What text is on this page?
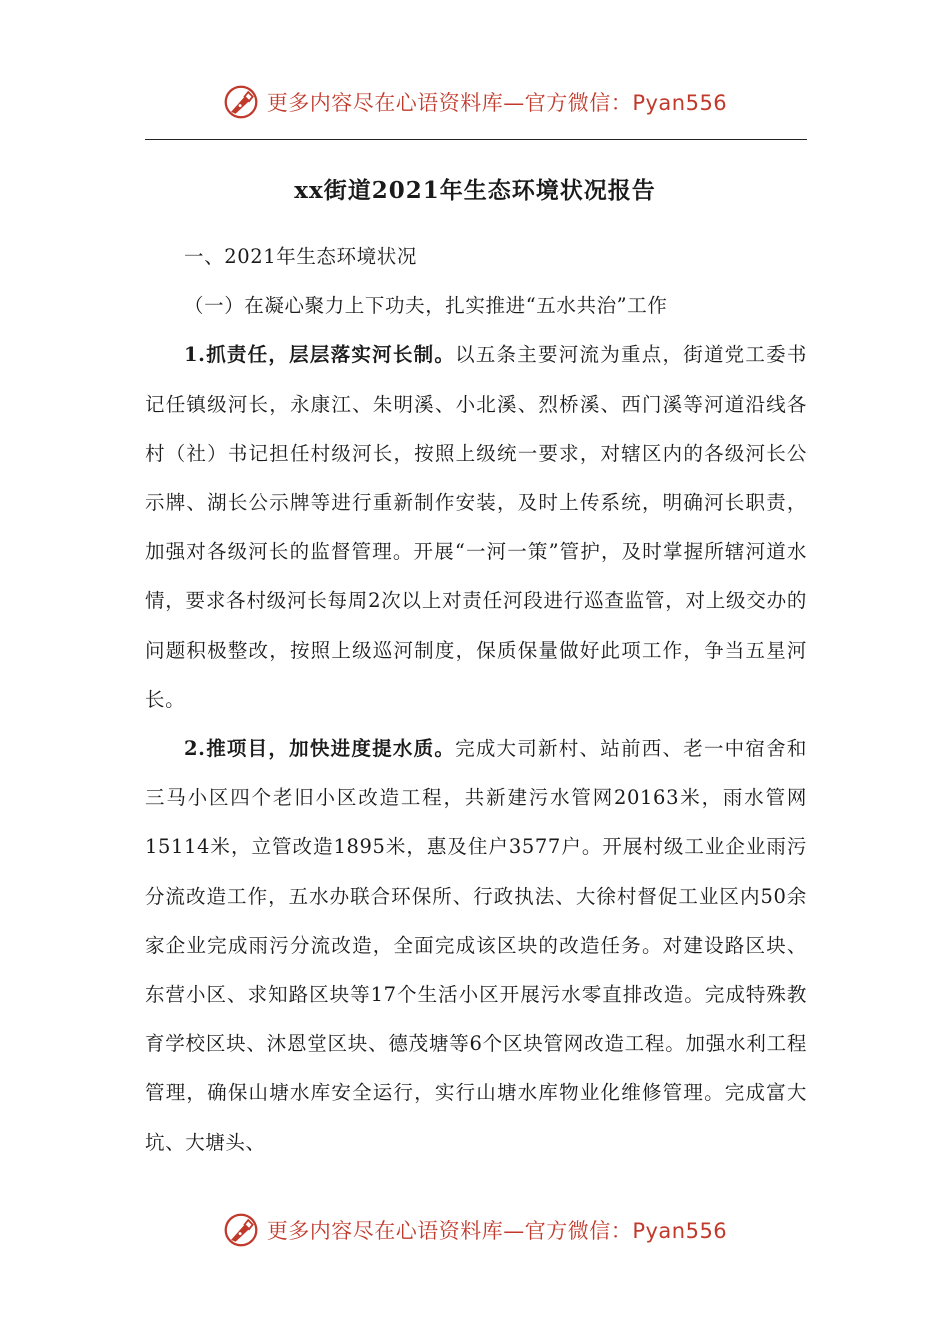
更多内容尽在心语资料库—官方微信：Pyan556
xx街道2021年生态环境状况报告

一、2021年生态环境状况

（一）在凝心聚力上下功夫，扎实推进“五水共治”工作

1.抓责任，层层落实河长制。以五条主要河流为重点，街道党工委书记任镇级河长，永康江、朱明溪、小北溪、烈桥溪、西门溪等河道沿线各村（社）书记担任村级河长，按照上级统一要求，对辖区内的各级河长公示牌、湖长公示牌等进行重新制作安装，及时上传系统，明确河长职责，加强对各级河长的监督管理。开展“一河一策”管护，及时掌握所辖河道水情，要求各村级河长每周2次以上对责任河段进行巡查监管，对上级交办的问题积极整改，按照上级巡河制度，保质保量做好此项工作，争当五星河长。

2.推项目，加快进度提水质。完成大司新村、站前西、老一中宿舍和三马小区四个老旧小区改造工程，共新建污水管网20163米，雨水管网15114米，立管改造1895米，惠及住户3577户。开展村级工业企业雨污分流改造工作，五水办联合环保所、行政执法、大徐村督促工业区内50余家企业完成雨污分流改造，全面完成该区块的改造任务。对建设路区块、东营小区、求知路区块等17个生活小区开展污水零直排改造。完成特殊教育学校区块、沐恩堂区块、德茂塘等6个区块管网改造工程。加强水利工程管理，确保山塘水库安全运行，实行山塘水库物业化维修管理。完成富大坑、大塘头、

更多内容尽在心语资料库—官方微信：Pyan556
